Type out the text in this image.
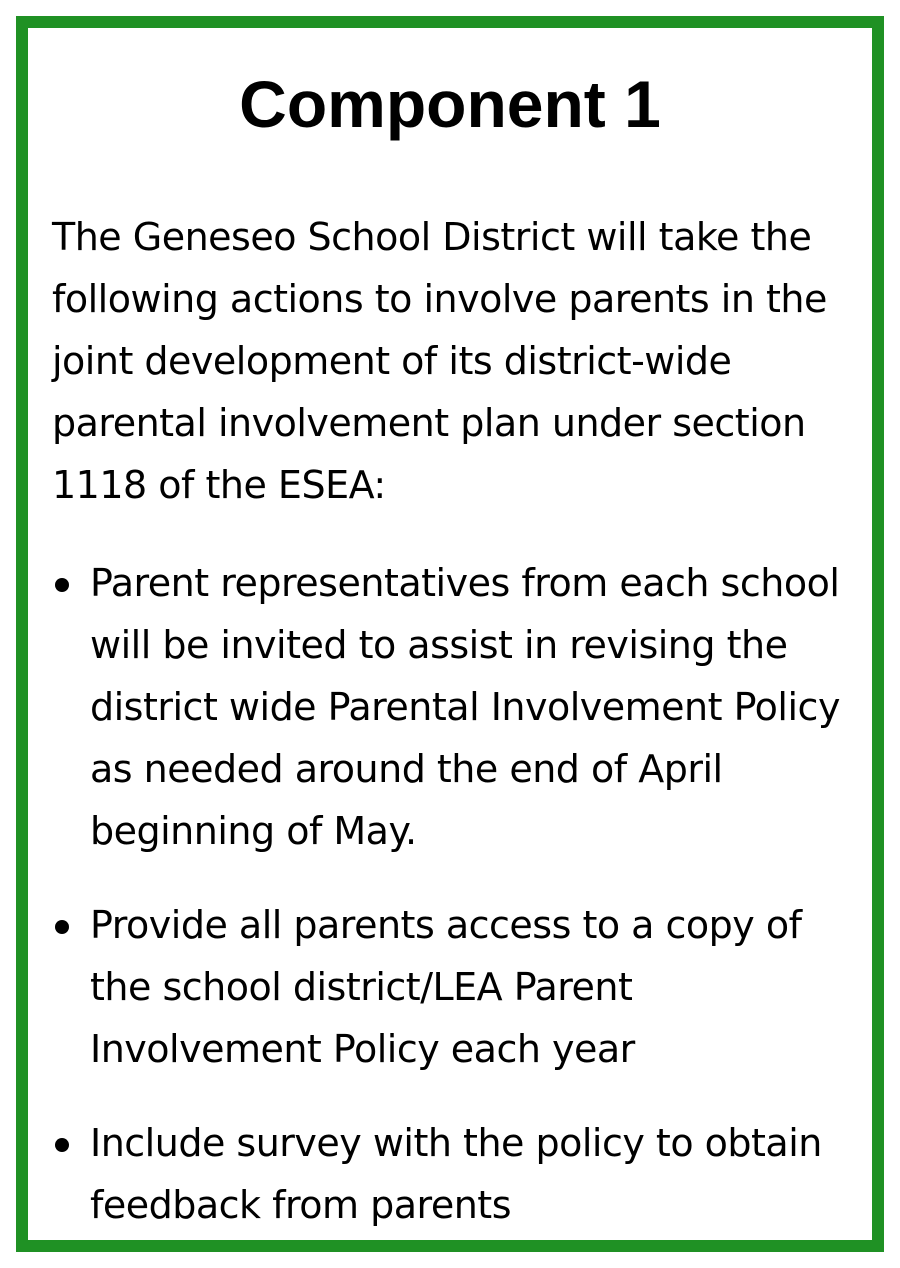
Component 1

The Geneseo School District will take the following actions to involve parents in the joint development of its district-wide parental involvement plan under section 1118 of the ESEA:

Parent representatives from each school will be invited to assist in revising the district wide Parental Involvement Policy as needed around the end of April beginning of May.
Provide all parents access to a copy of the school district/LEA Parent Involvement Policy each year
Include survey with the policy to obtain feedback from parents
